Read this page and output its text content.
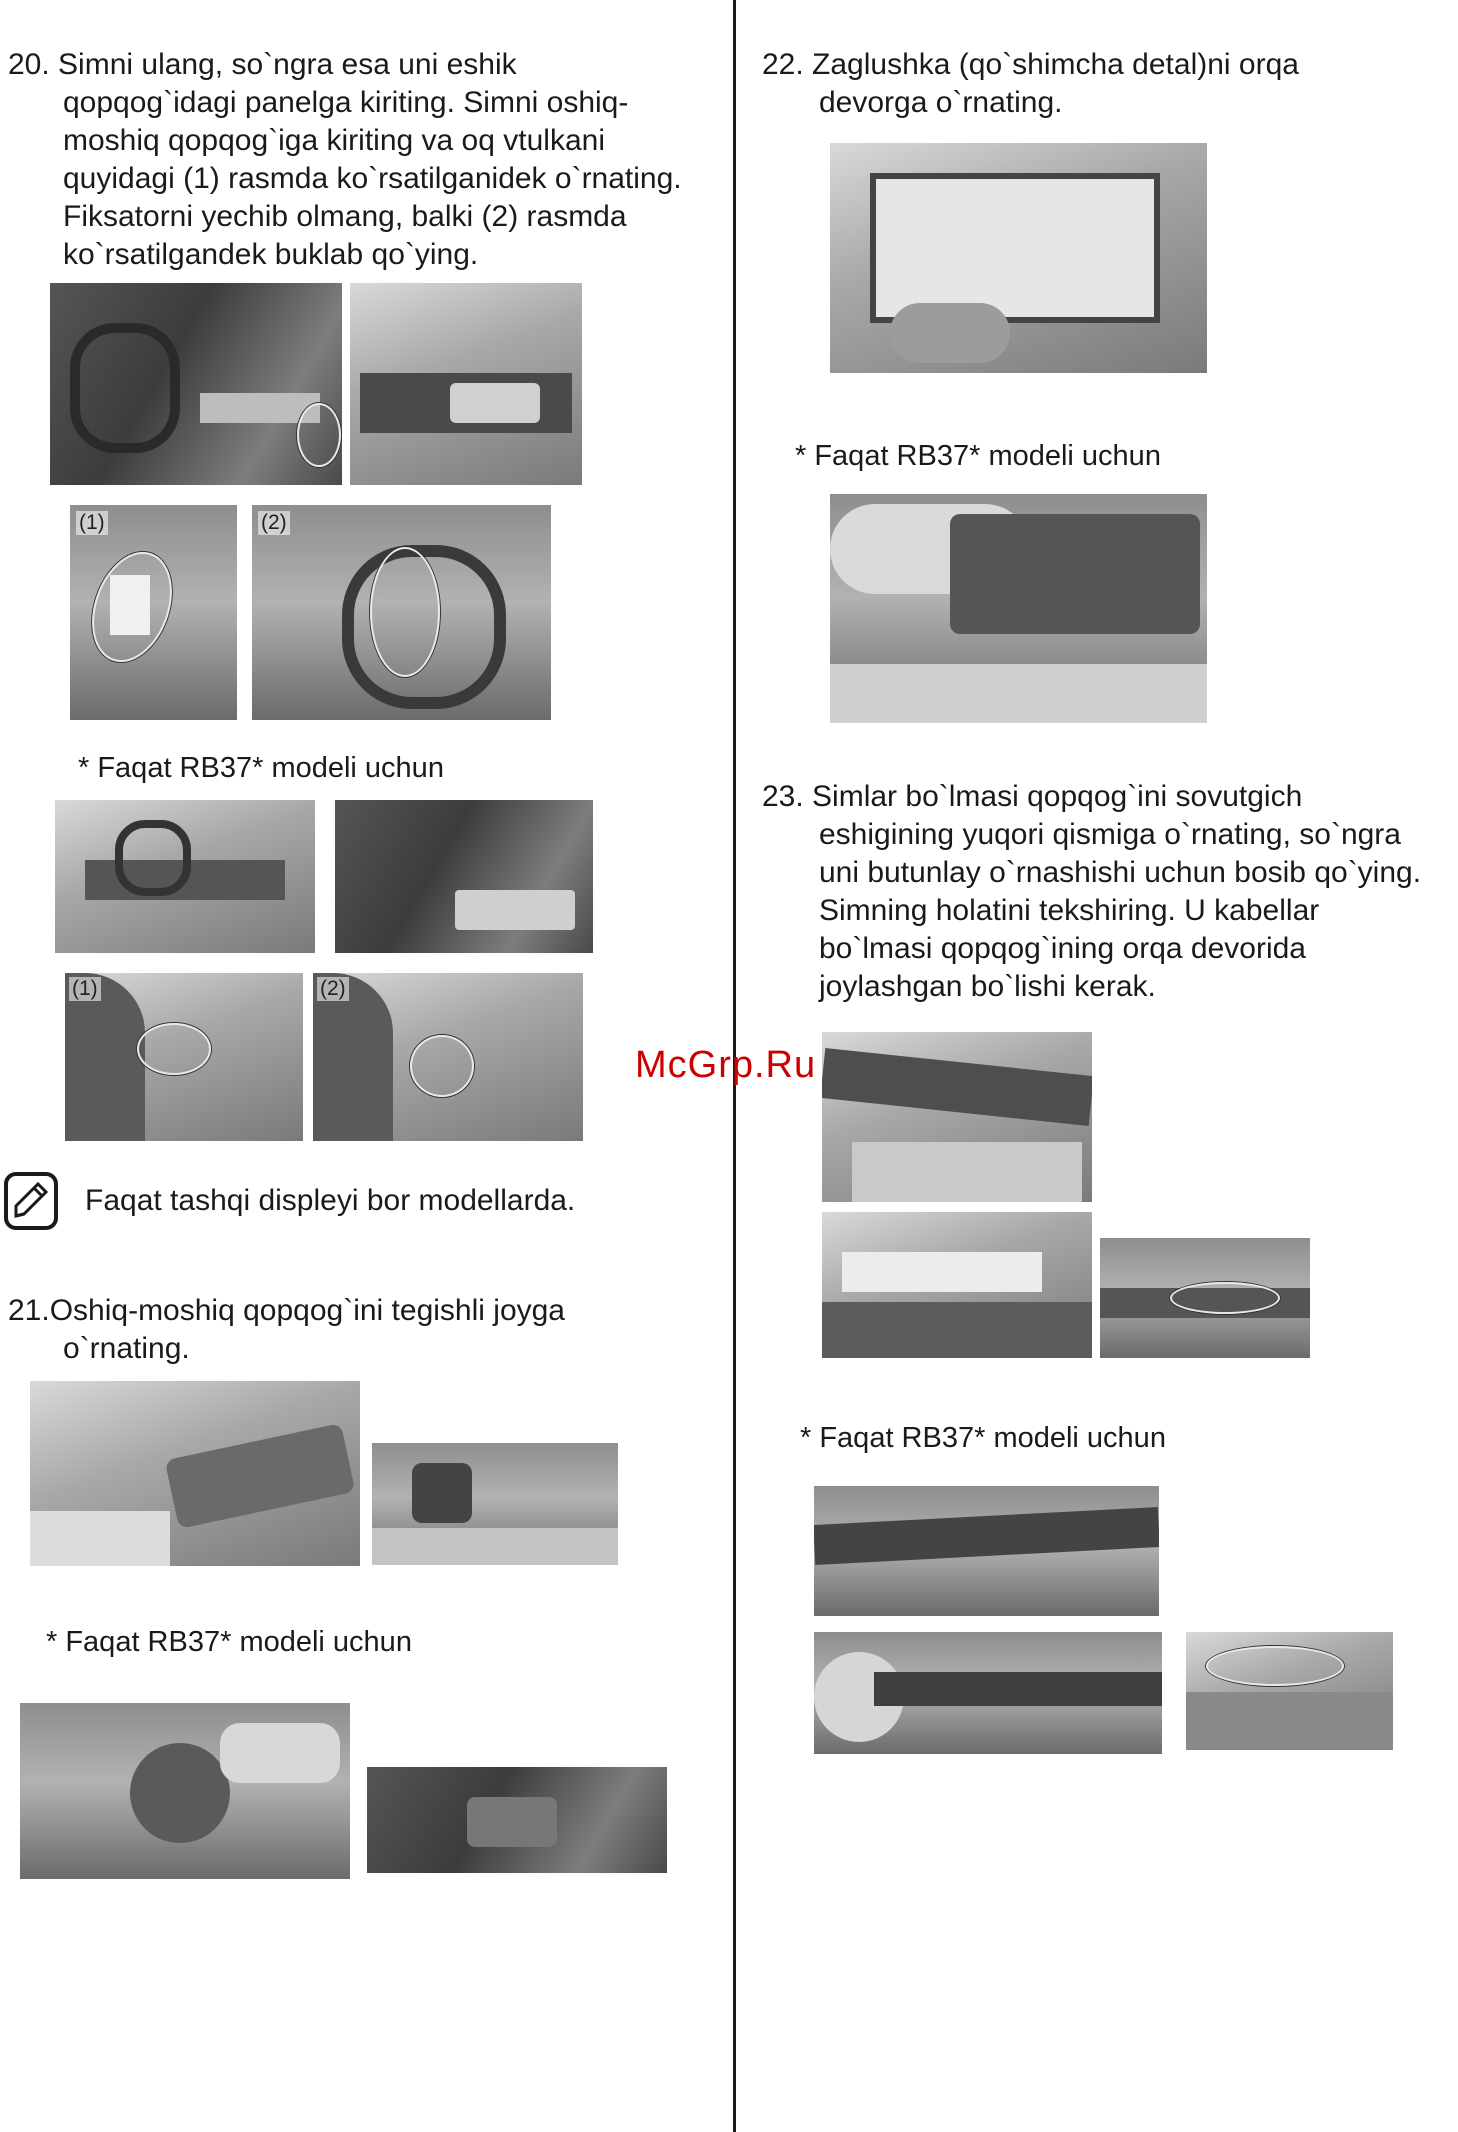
20. Simni ulang, so`ngra esa uni eshik
qopqog`idagi panelga kiriting. Simni oshiq-
moshiq qopqog`iga kiriting va oq vtulkani
quyidagi (1) rasmda ko`rsatilganidek o`rnating.
Fiksatorni yechib olmang, balki (2) rasmda
ko`rsatilgandek buklab qo`ying.
(1)	(2)
* Faqat RB37* modeli uchun
(1)	(2)
Faqat tashqi displeyi bor modellarda.
21.Oshiq-moshiq qopqog`ini tegishli joyga
o`rnating.
* Faqat RB37* modeli uchun
22. Zaglushka (qo`shimcha detal)ni orqa
devorga o`rnating.
* Faqat RB37* modeli uchun
23. Simlar bo`lmasi qopqog`ini sovutgich
eshigining yuqori qismiga o`rnating, so`ngra
uni butunlay o`rnashishi uchun bosib qo`ying.
Simning holatini tekshiring. U kabellar
bo`lmasi qopqog`ining orqa devorida
joylashgan bo`lishi kerak.
* Faqat RB37* modeli uchun
McGrp.Ru
